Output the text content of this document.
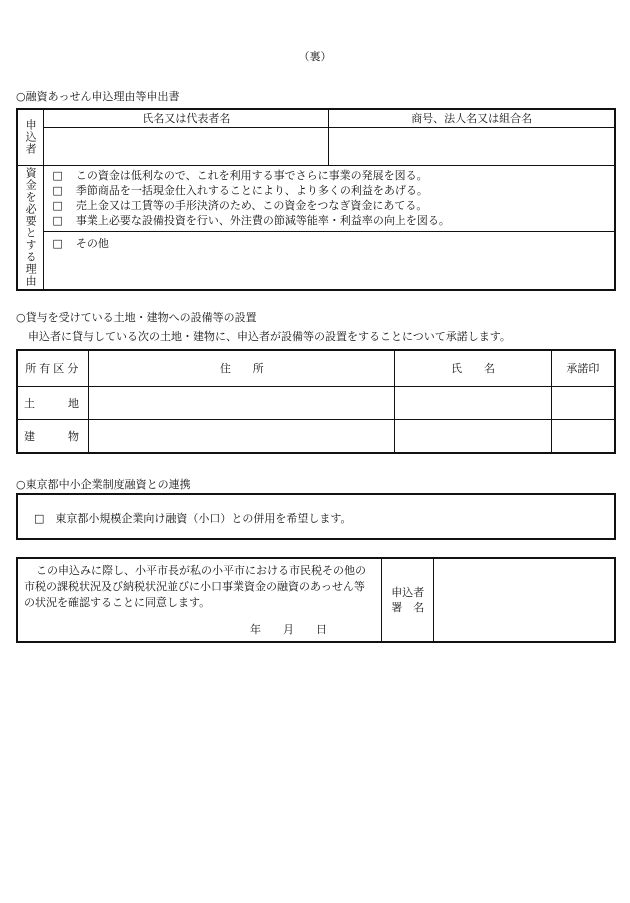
（裏）
○融資あっせん申込理由等申出書
申込者	氏名又は代表者名	商号、法人名又は組合名

資金を必要とする理由	□ この資金は低利なので、これを利用する事でさらに事業の発展を図る。
□ 季節商品を一括現金仕入れすることにより、より多くの利益をあげる。
□ 売上金又は工賃等の手形決済のため、この資金をつなぎ資金にあてる。
□ 事業上必要な設備投資を行い、外注費の節減等能率・利益率の向上を図る。	

	□ その他	
○貸与を受けている土地・建物への設備等の設置
申込者に貸与している次の土地・建物に、申込者が設備等の設置をすることについて承諾します。
所有区分	住　　所	氏　　名	承諾印
土　　　地			
建　　　物			
○東京都中小企業制度融資との連携
□　東京都小規模企業向け融資（小口）との併用を希望します。
この申込みに際し、小平市長が私の小平市における市民税その他の市税の課税状況及び納税状況並びに小口事業資金の融資のあっせん等の状況を確認することに同意します。
年　　月　　日

申込者
署　名
